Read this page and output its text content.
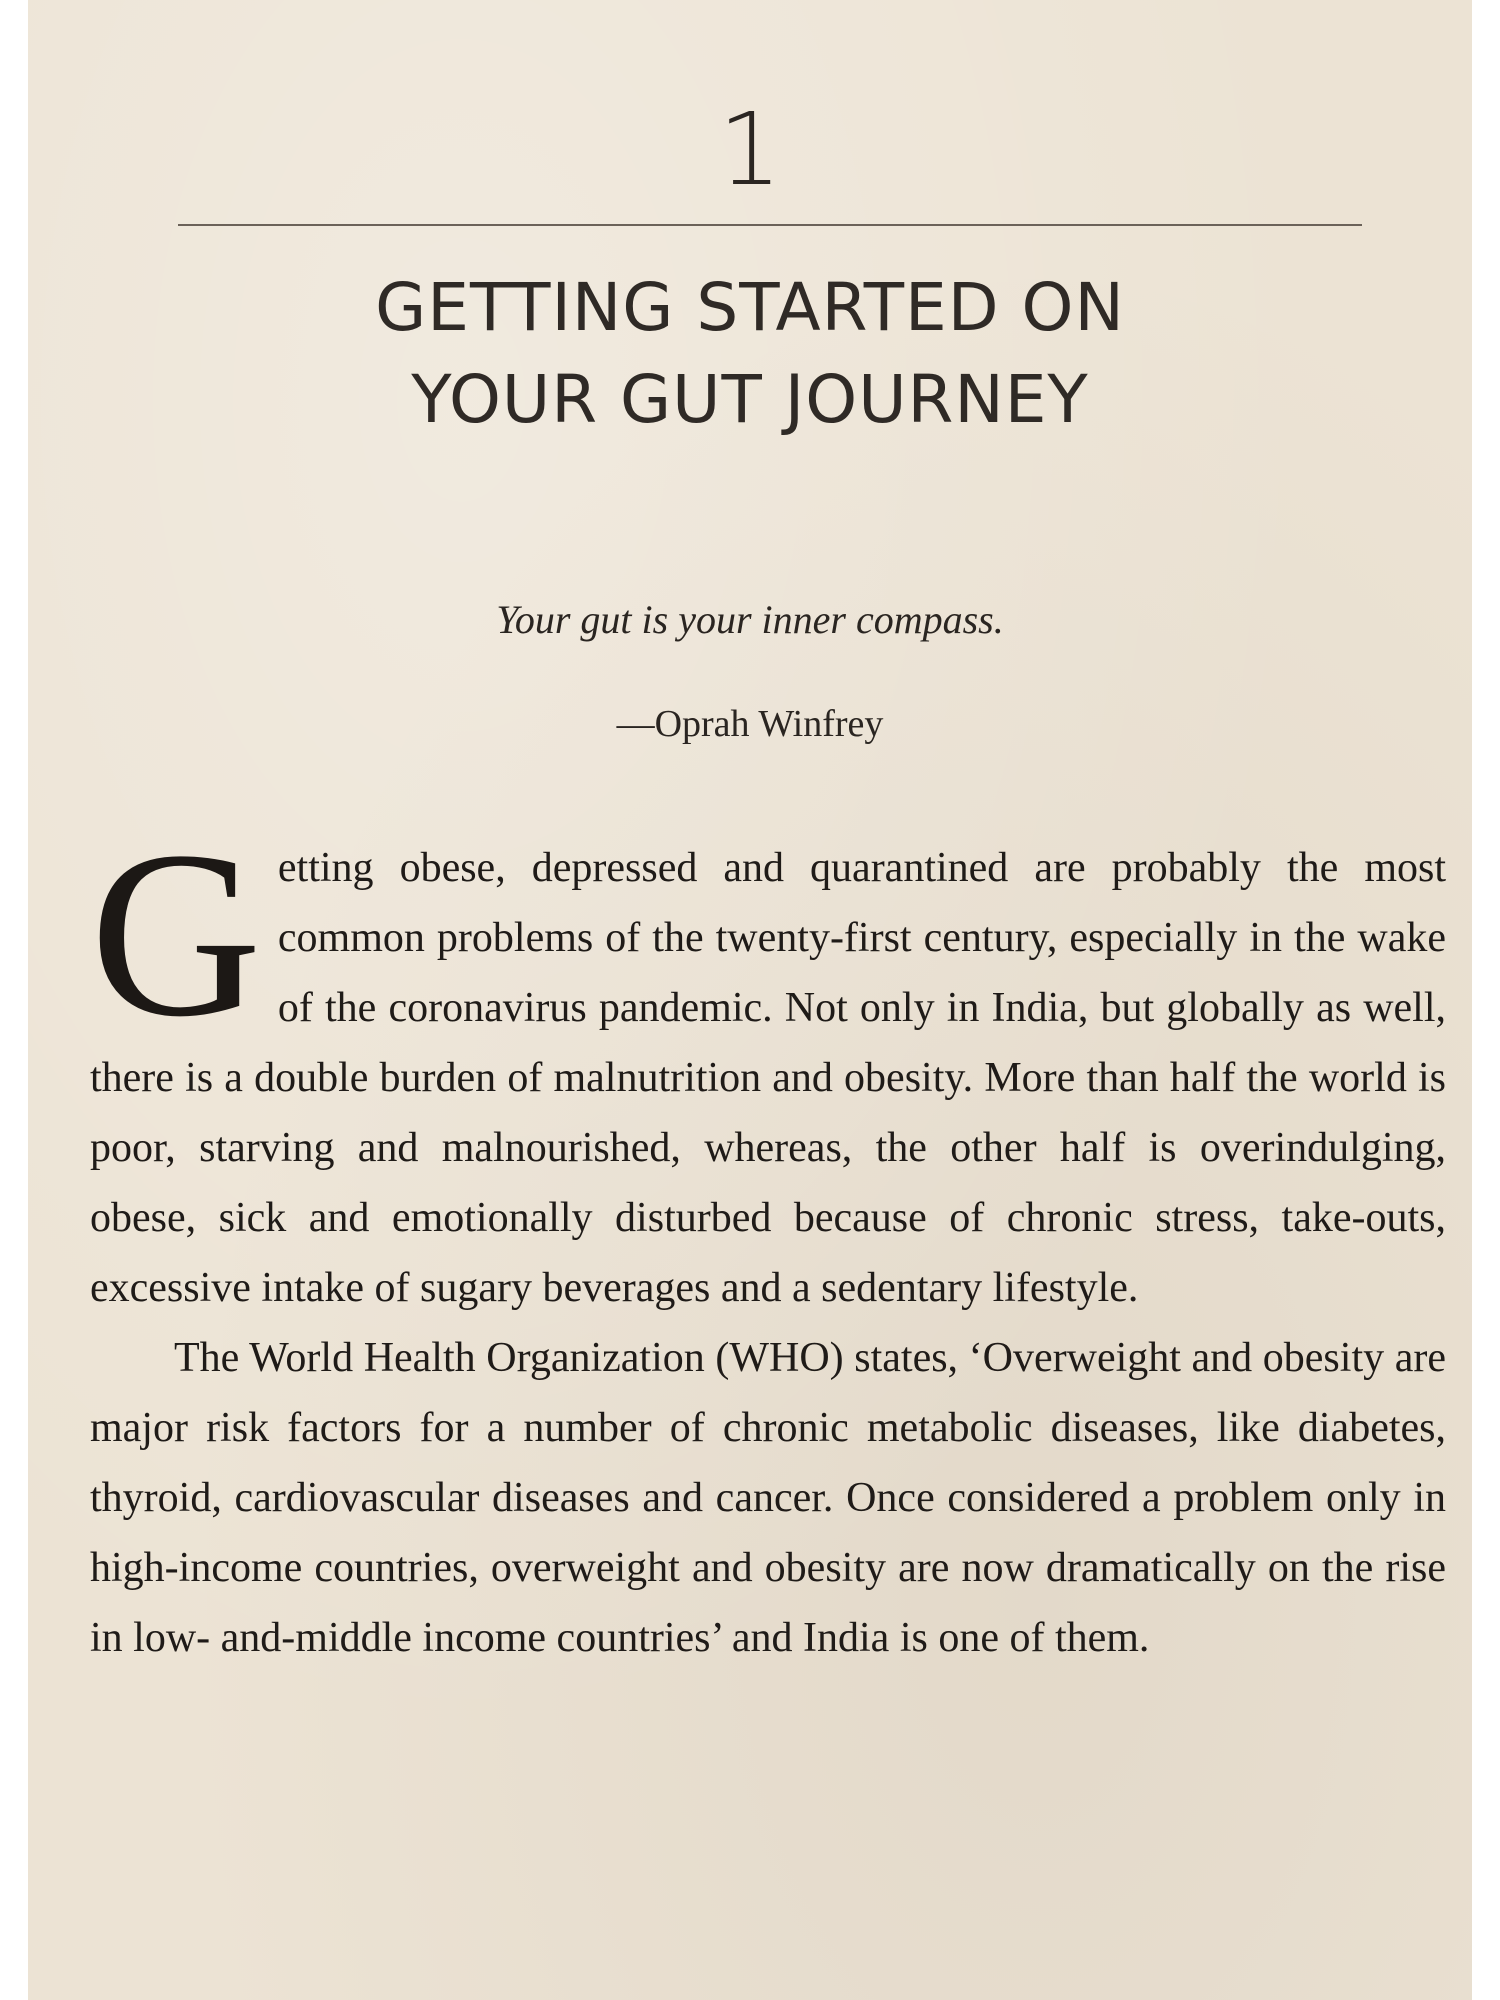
1
GETTING STARTED ON
YOUR GUT JOURNEY
Your gut is your inner compass.
—Oprah Winfrey

Getting obese, depressed and quarantined are probably the most common problems of the twenty-first century, especially in the wake of the coronavirus pandemic. Not only in India, but globally as well, there is a double burden of malnutrition and obesity. More than half the world is poor, starving and malnourished, whereas, the other half is overindulging, obese, sick and emotionally disturbed because of chronic stress, take-outs, excessive intake of sugary beverages and a sedentary lifestyle.

The World Health Organization (WHO) states, ‘Overweight and obesity are major risk factors for a number of chronic metabolic diseases, like diabetes, thyroid, cardiovascular diseases and cancer. Once considered a problem only in high-income countries, overweight and obesity are now dramatically on the rise in low- and-middle income countries’ and India is one of them.
